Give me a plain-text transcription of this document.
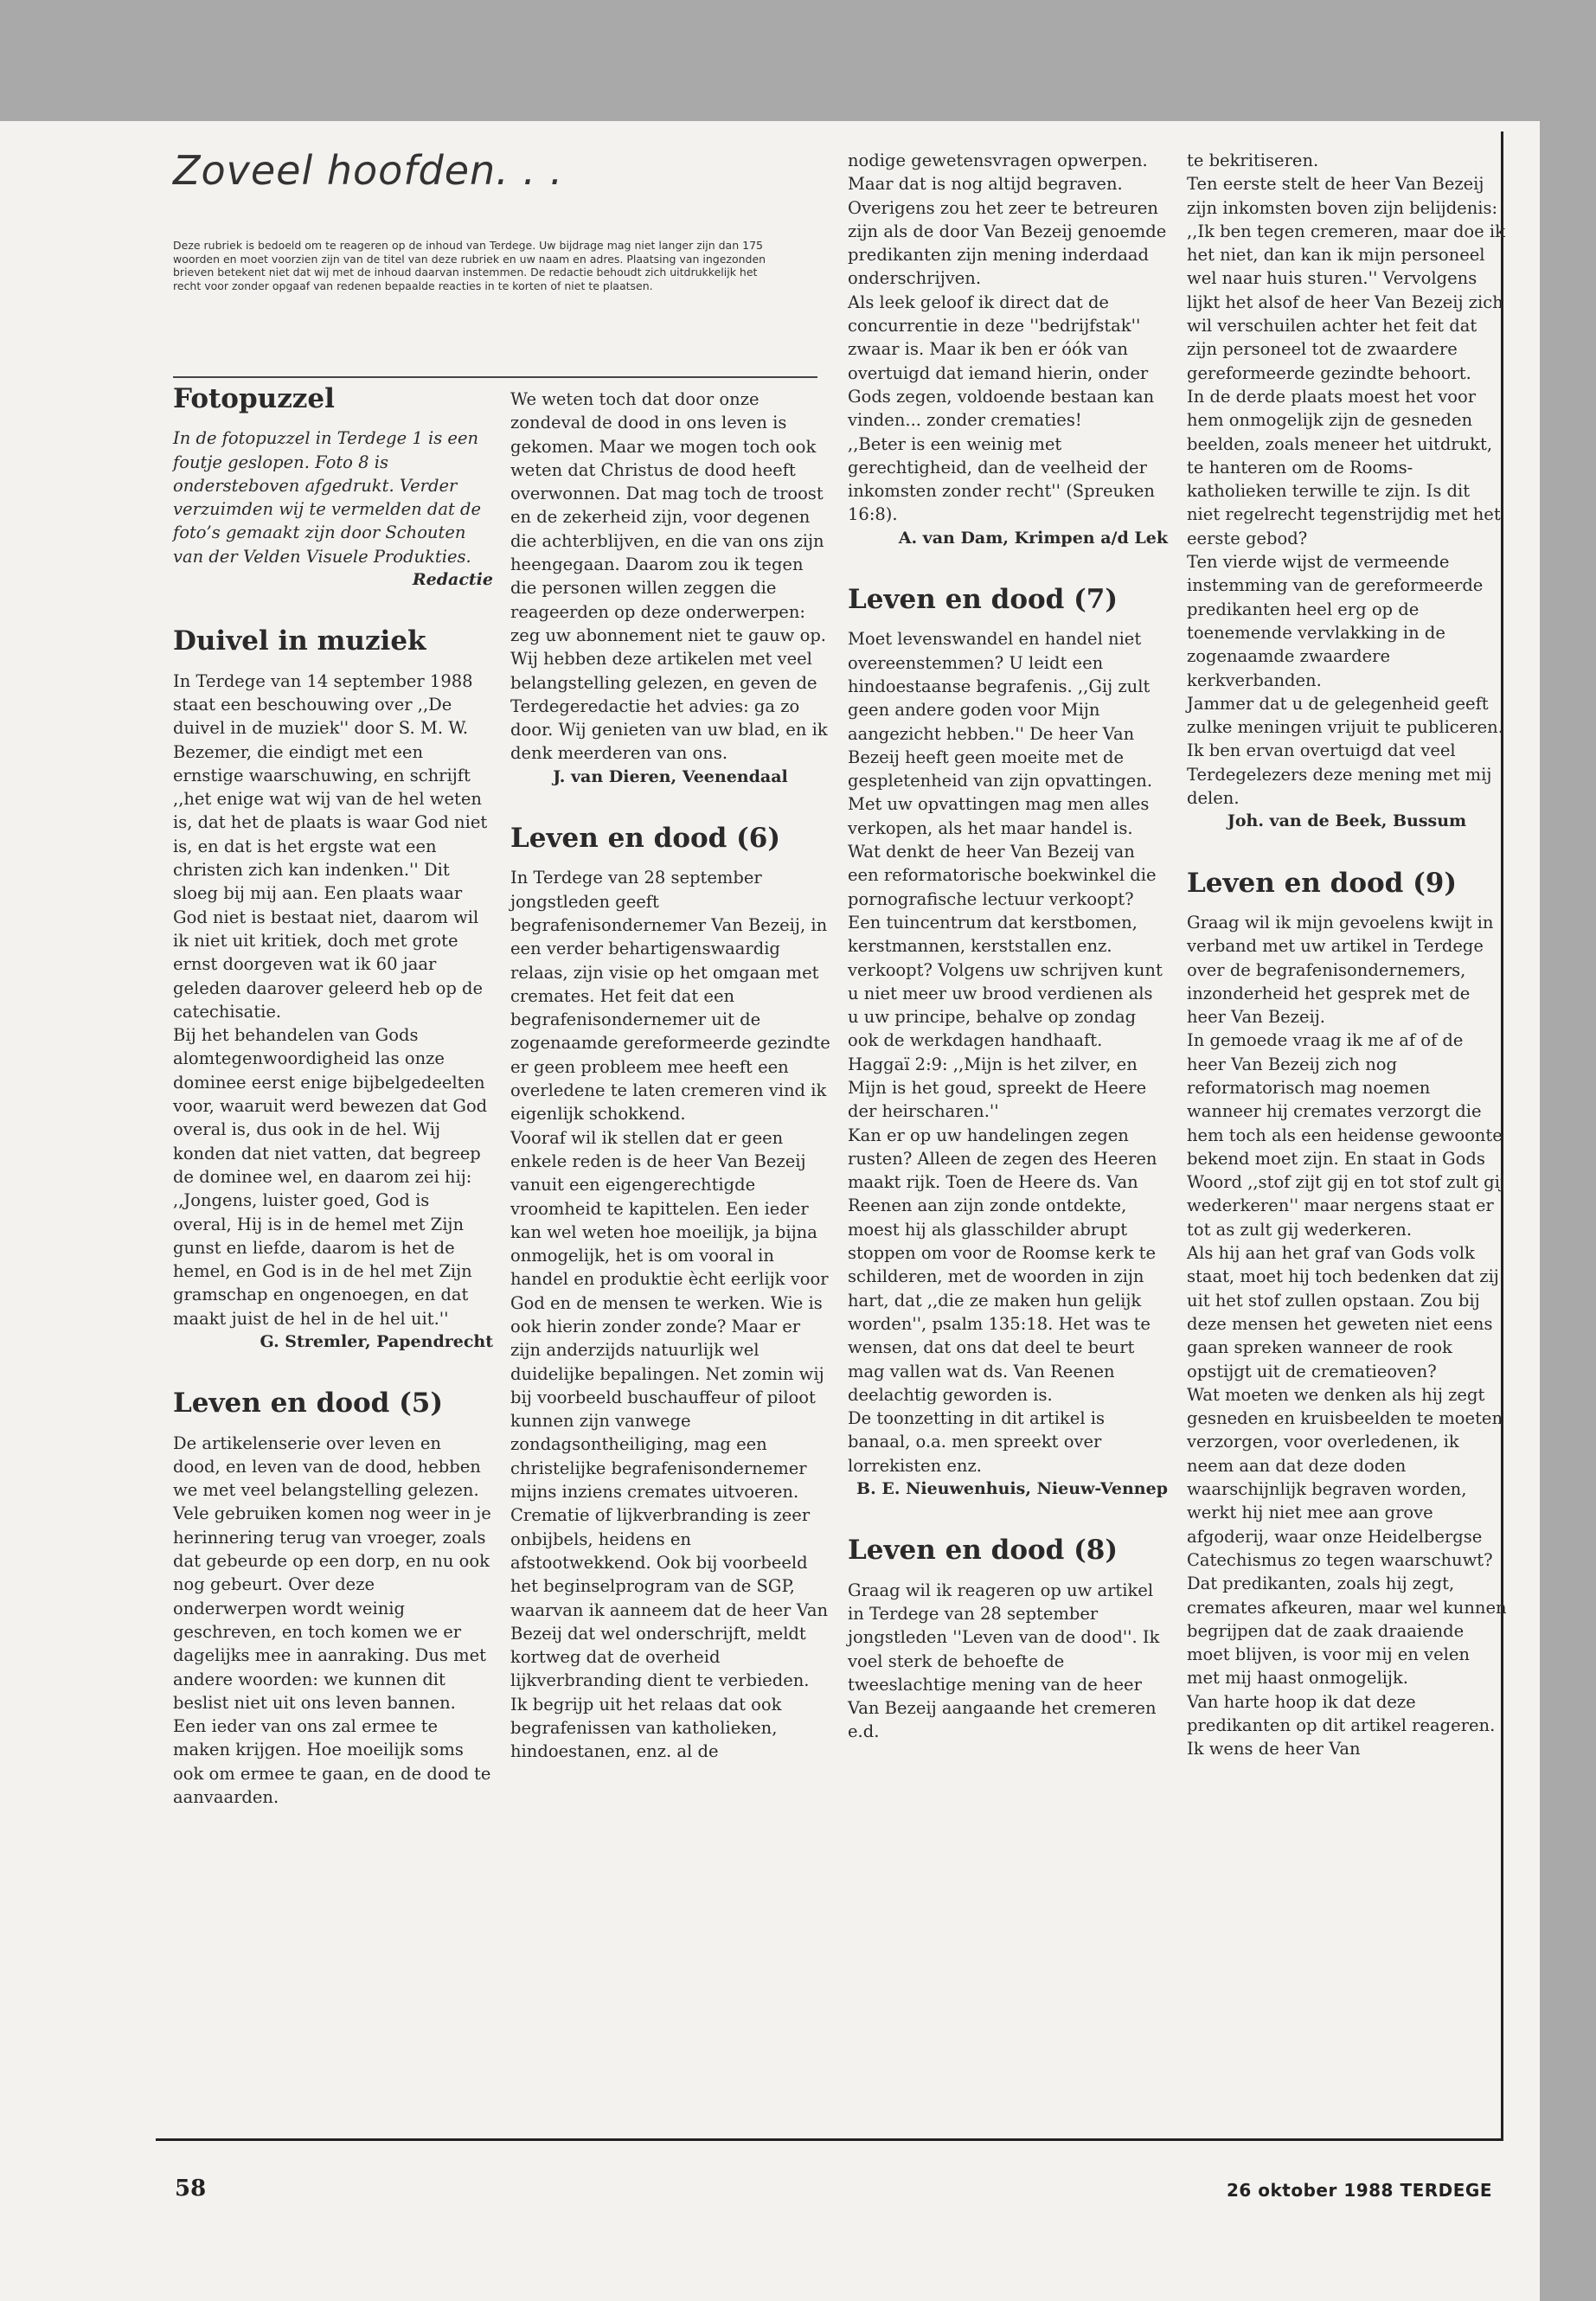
Zoveel hoofden. . .

Deze rubriek is bedoeld om te reageren op de inhoud van Terdege. Uw bijdrage mag niet langer zijn dan 175 woorden en moet voorzien zijn van de titel van deze rubriek en uw naam en adres. Plaatsing van ingezonden brieven betekent niet dat wij met de inhoud daarvan instemmen. De redactie behoudt zich uitdrukkelijk het recht voor zonder opgaaf van redenen bepaalde reacties in te korten of niet te plaatsen.

Fotopuzzel

In de fotopuzzel in Terdege 1 is een foutje geslopen. Foto 8 is ondersteboven afgedrukt. Verder verzuimden wij te vermelden dat de foto’s gemaakt zijn door Schouten van der Velden Visuele Produkties.

Redactie

Duivel in muziek

In Terdege van 14 september 1988 staat een beschouwing over ,,De duivel in de muziek'' door S. M. W. Bezemer, die eindigt met een ernstige waarschuwing, en schrijft ,,het enige wat wij van de hel weten is, dat het de plaats is waar God niet is, en dat is het ergste wat een christen zich kan indenken.'' Dit sloeg bij mij aan. Een plaats waar God niet is bestaat niet, daarom wil ik niet uit kritiek, doch met grote ernst doorgeven wat ik 60 jaar geleden daarover geleerd heb op de catechisatie.

Bij het behandelen van Gods alomtegenwoordigheid las onze dominee eerst enige bijbelgedeelten voor, waaruit werd bewezen dat God overal is, dus ook in de hel. Wij konden dat niet vatten, dat begreep de dominee wel, en daarom zei hij: ,,Jongens, luister goed, God is overal, Hij is in de hemel met Zijn gunst en liefde, daarom is het de hemel, en God is in de hel met Zijn gramschap en ongenoegen, en dat maakt juist de hel in de hel uit.''

G. Stremler, Papendrecht

Leven en dood (5)

De artikelenserie over leven en dood, en leven van de dood, hebben we met veel belangstelling gelezen. Vele gebruiken komen nog weer in je herinnering terug van vroeger, zoals dat gebeurde op een dorp, en nu ook nog gebeurt. Over deze onderwerpen wordt weinig geschreven, en toch komen we er dagelijks mee in aanraking. Dus met andere woorden: we kunnen dit beslist niet uit ons leven bannen. Een ieder van ons zal ermee te maken krijgen. Hoe moeilijk soms ook om ermee te gaan, en de dood te aanvaarden.

We weten toch dat door onze zondeval de dood in ons leven is gekomen. Maar we mogen toch ook weten dat Christus de dood heeft overwonnen. Dat mag toch de troost en de zekerheid zijn, voor degenen die achterblijven, en die van ons zijn heengegaan. Daarom zou ik tegen die personen willen zeggen die reageerden op deze onderwerpen: zeg uw abonnement niet te gauw op. Wij hebben deze artikelen met veel belangstelling gelezen, en geven de Terdegeredactie het advies: ga zo door. Wij genieten van uw blad, en ik denk meerderen van ons.

J. van Dieren, Veenendaal

Leven en dood (6)

In Terdege van 28 september jongstleden geeft begrafenisondernemer Van Bezeij, in een verder behartigenswaardig relaas, zijn visie op het omgaan met cremates. Het feit dat een begrafenisondernemer uit de zogenaamde gereformeerde gezindte er geen probleem mee heeft een overledene te laten cremeren vind ik eigenlijk schokkend.

Vooraf wil ik stellen dat er geen enkele reden is de heer Van Bezeij vanuit een eigengerechtigde vroomheid te kapittelen. Een ieder kan wel weten hoe moeilijk, ja bijna onmogelijk, het is om vooral in handel en produktie ècht eerlijk voor God en de mensen te werken. Wie is ook hierin zonder zonde? Maar er zijn anderzijds natuurlijk wel duidelijke bepalingen. Net zomin wij bij voorbeeld buschauffeur of piloot kunnen zijn vanwege zondagsontheiliging, mag een christelijke begrafenisondernemer mijns inziens cremates uitvoeren.

Crematie of lijkverbranding is zeer onbijbels, heidens en afstootwekkend. Ook bij voorbeeld het beginselprogram van de SGP, waarvan ik aanneem dat de heer Van Bezeij dat wel onderschrijft, meldt kortweg dat de overheid lijkverbranding dient te verbieden.

Ik begrijp uit het relaas dat ook begrafenissen van katholieken, hindoestanen, enz. al de

nodige gewetensvragen opwerpen. Maar dat is nog altijd begraven. Overigens zou het zeer te betreuren zijn als de door Van Bezeij genoemde predikanten zijn mening inderdaad onderschrijven.

Als leek geloof ik direct dat de concurrentie in deze ''bedrijfstak'' zwaar is. Maar ik ben er óók van overtuigd dat iemand hierin, onder Gods zegen, voldoende bestaan kan vinden... zonder crematies!

,,Beter is een weinig met gerechtigheid, dan de veelheid der inkomsten zonder recht'' (Spreuken 16:8).

A. van Dam, Krimpen a/d Lek

Leven en dood (7)

Moet levenswandel en handel niet overeenstemmen? U leidt een hindoestaanse begrafenis. ,,Gij zult geen andere goden voor Mijn aangezicht hebben.'' De heer Van Bezeij heeft geen moeite met de gespletenheid van zijn opvattingen.

Met uw opvattingen mag men alles verkopen, als het maar handel is. Wat denkt de heer Van Bezeij van een reformatorische boekwinkel die pornografische lectuur verkoopt? Een tuincentrum dat kerstbomen, kerstmannen, kerststallen enz. verkoopt? Volgens uw schrijven kunt u niet meer uw brood verdienen als u uw principe, behalve op zondag ook de werkdagen handhaaft. Haggaï 2:9: ,,Mijn is het zilver, en Mijn is het goud, spreekt de Heere der heirscharen.''

Kan er op uw handelingen zegen rusten? Alleen de zegen des Heeren maakt rijk. Toen de Heere ds. Van Reenen aan zijn zonde ontdekte, moest hij als glasschilder abrupt stoppen om voor de Roomse kerk te schilderen, met de woorden in zijn hart, dat ,,die ze maken hun gelijk worden'', psalm 135:18. Het was te wensen, dat ons dat deel te beurt mag vallen wat ds. Van Reenen deelachtig geworden is.

De toonzetting in dit artikel is banaal, o.a. men spreekt over lorrekisten enz.

B. E. Nieuwenhuis, Nieuw-Vennep

Leven en dood (8)

Graag wil ik reageren op uw artikel in Terdege van 28 september jongstleden ''Leven van de dood''. Ik voel sterk de behoefte de tweeslachtige mening van de heer Van Bezeij aangaande het cremeren e.d.

te bekritiseren.

Ten eerste stelt de heer Van Bezeij zijn inkomsten boven zijn belijdenis: ,,Ik ben tegen cremeren, maar doe ik het niet, dan kan ik mijn personeel wel naar huis sturen.'' Vervolgens lijkt het alsof de heer Van Bezeij zich wil verschuilen achter het feit dat zijn personeel tot de zwaardere gereformeerde gezindte behoort.

In de derde plaats moest het voor hem onmogelijk zijn de gesneden beelden, zoals meneer het uitdrukt, te hanteren om de Rooms-katholieken terwille te zijn. Is dit niet regelrecht tegenstrijdig met het eerste gebod?

Ten vierde wijst de vermeende instemming van de gereformeerde predikanten heel erg op de toenemende vervlakking in de zogenaamde zwaardere kerkverbanden.

Jammer dat u de gelegenheid geeft zulke meningen vrijuit te publiceren. Ik ben ervan overtuigd dat veel Terdegelezers deze mening met mij delen.

Joh. van de Beek, Bussum

Leven en dood (9)

Graag wil ik mijn gevoelens kwijt in verband met uw artikel in Terdege over de begrafenisondernemers, inzonderheid het gesprek met de heer Van Bezeij.

In gemoede vraag ik me af of de heer Van Bezeij zich nog reformatorisch mag noemen wanneer hij cremates verzorgt die hem toch als een heidense gewoonte bekend moet zijn. En staat in Gods Woord ,,stof zijt gij en tot stof zult gij wederkeren'' maar nergens staat er tot as zult gij wederkeren.

Als hij aan het graf van Gods volk staat, moet hij toch bedenken dat zij uit het stof zullen opstaan. Zou bij deze mensen het geweten niet eens gaan spreken wanneer de rook opstijgt uit de crematieoven?

Wat moeten we denken als hij zegt gesneden en kruisbeelden te moeten verzorgen, voor overledenen, ik neem aan dat deze doden waarschijnlijk begraven worden, werkt hij niet mee aan grove afgoderij, waar onze Heidelbergse Catechismus zo tegen waarschuwt? Dat predikanten, zoals hij zegt, cremates afkeuren, maar wel kunnen begrijpen dat de zaak draaiende moet blijven, is voor mij en velen met mij haast onmogelijk.

Van harte hoop ik dat deze predikanten op dit artikel reageren. Ik wens de heer Van

58	26 oktober 1988 TERDEGE
